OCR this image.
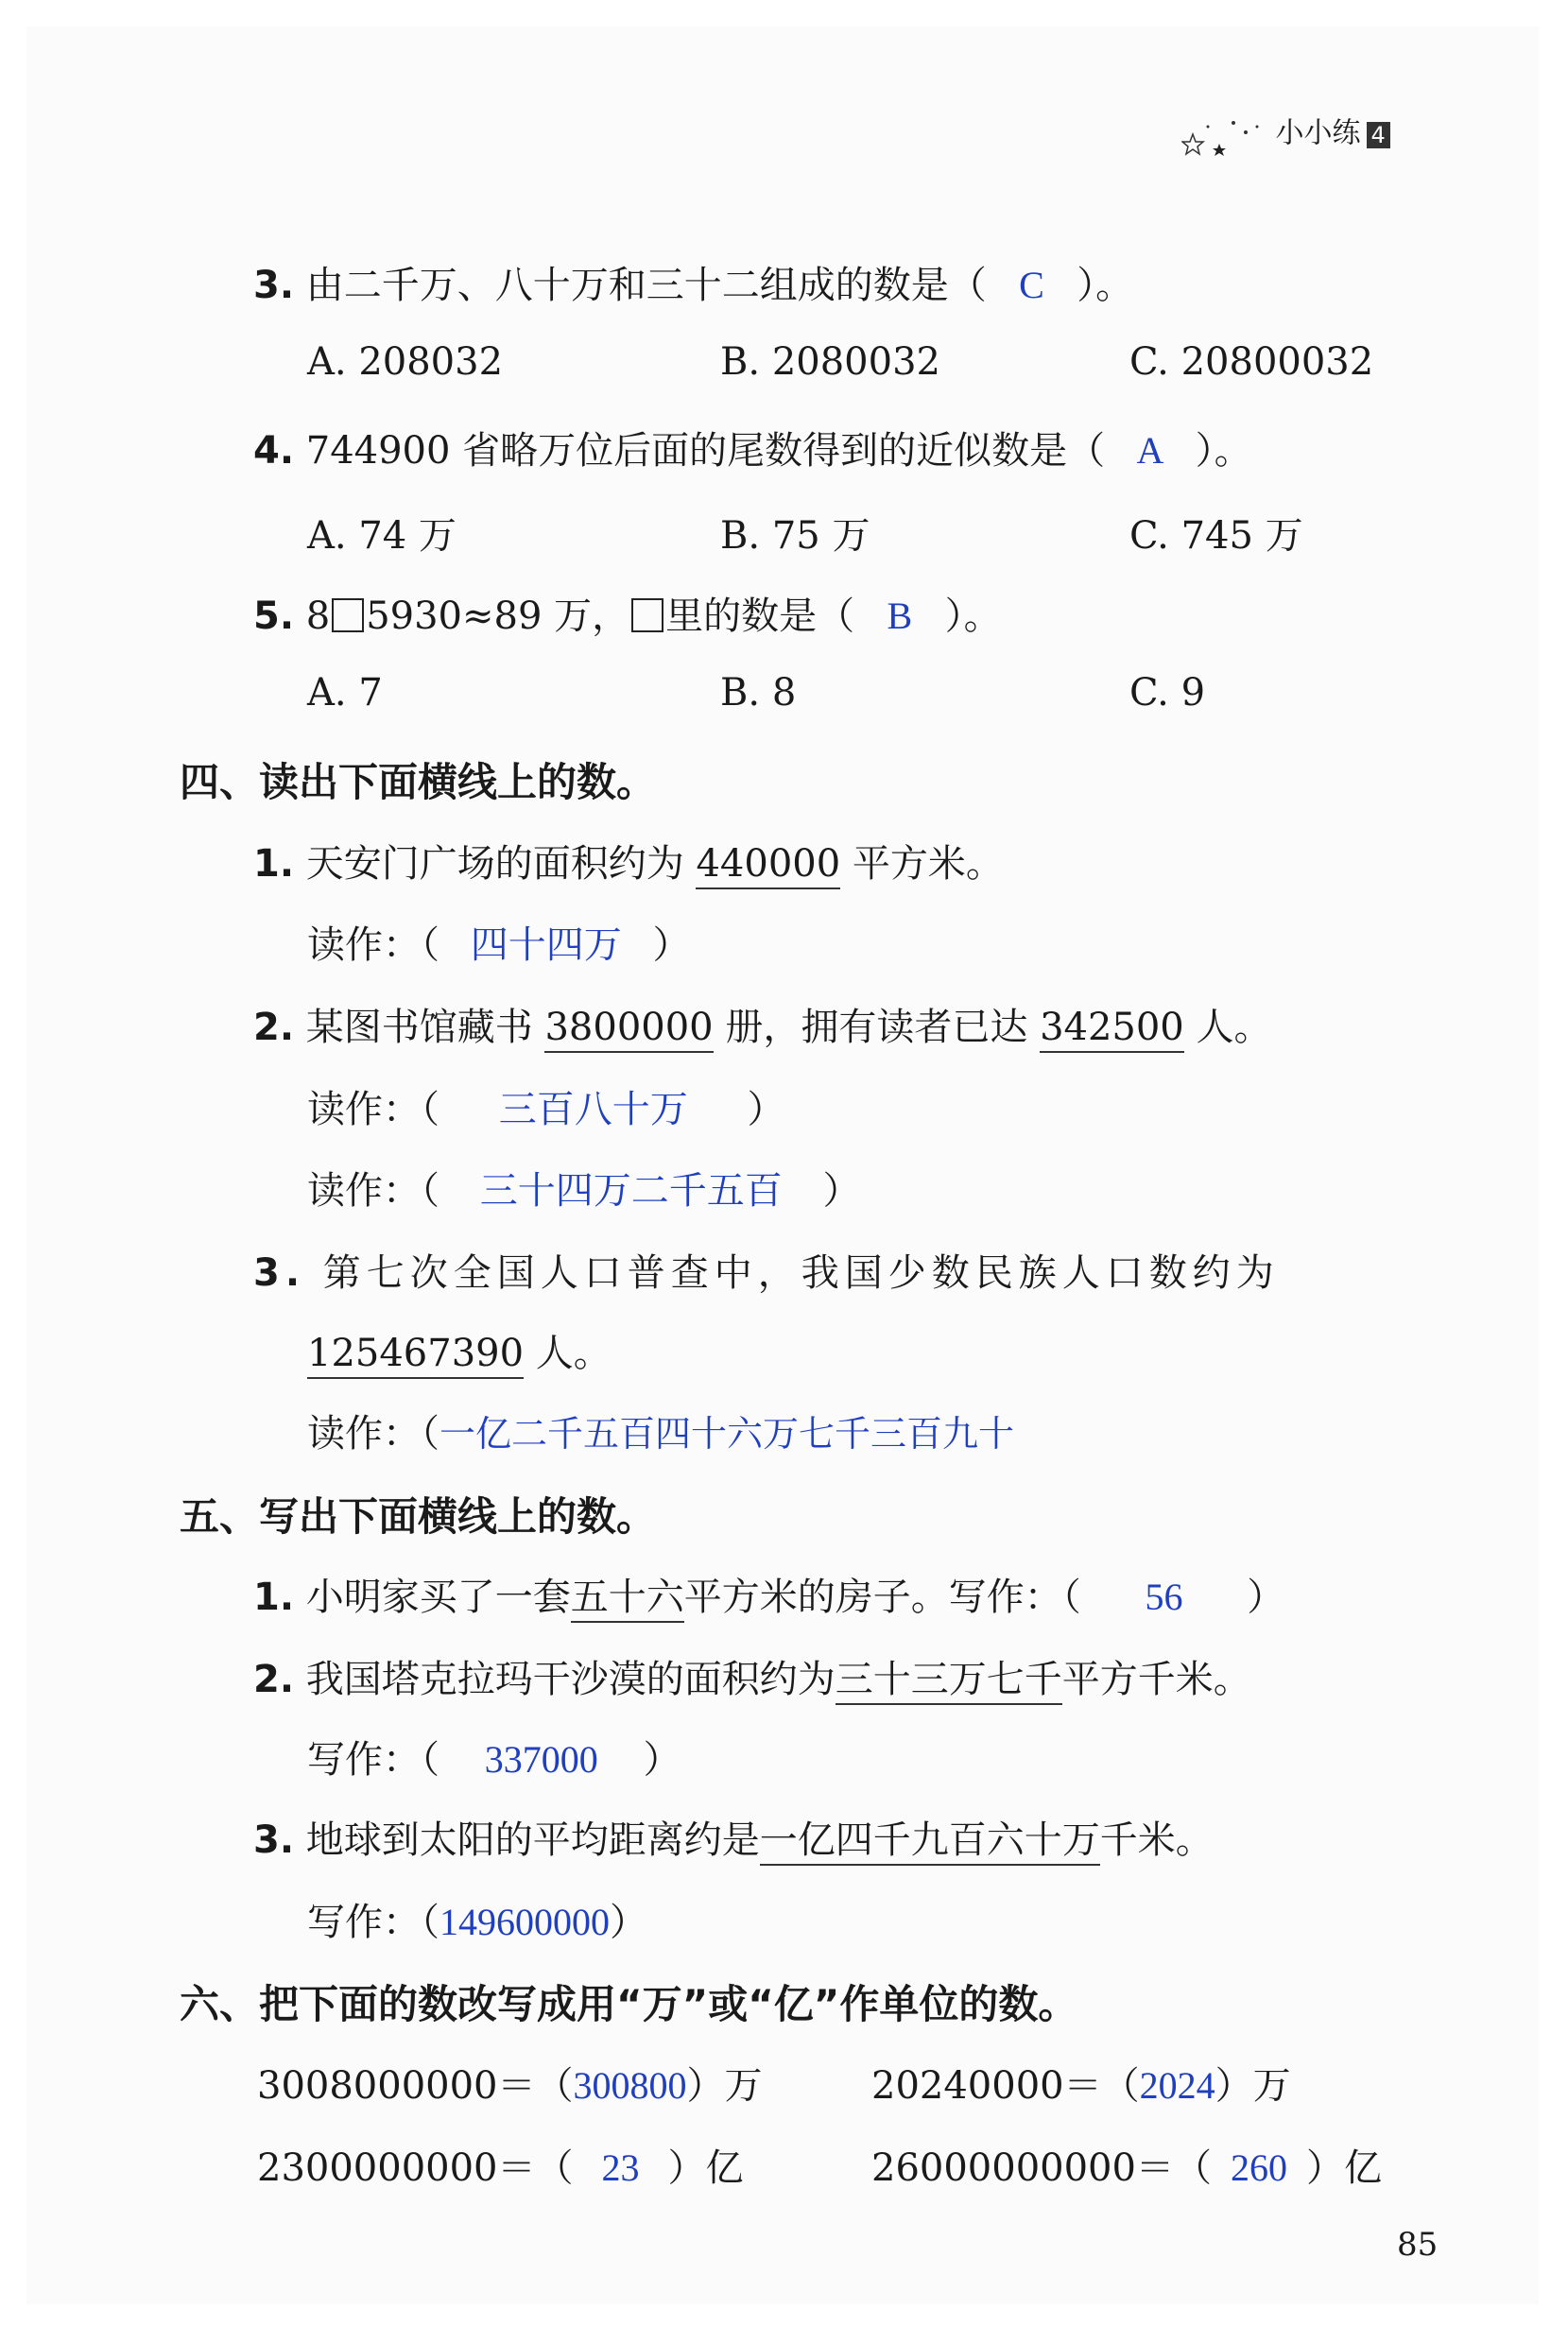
小小练 4
3. 由二千万、八十万和三十二组成的数是（ C ）。
A. 208032	B. 2080032	C. 20800032
4. 744900 省略万位后面的尾数得到的近似数是（ A ）。
A. 74 万	B. 75 万	C. 745 万
5. 8 5930≈89 万， 里的数是（ B ）。
A. 7	B. 8	C. 9
四、读出下面横线上的数。
1. 天安门广场的面积约为 440000 平方米。
读作：（ 四十四万 ）
2. 某图书馆藏书 3800000 册，拥有读者已达 342500 人。
读作：（ 三百八十万 ）
读作：（ 三十四万二千五百 ）
3. 第七次全国人口普查中，我国少数民族人口数约为
125467390 人。
读作：（一亿二千五百四十六万七千三百九十
五、写出下面横线上的数。
1. 小明家买了一套五十六平方米的房子。写作：（ 56 ）
2. 我国塔克拉玛干沙漠的面积约为三十三万七千平方千米。
写作：（ 337000 ）
3. 地球到太阳的平均距离约是一亿四千九百六十万千米。
写作：（149600000）
六、把下面的数改写成用“万”或“亿”作单位的数。
3008000000＝（300800）万	20240000＝（2024）万
2300000000＝（ 23 ）亿	26000000000＝（ 260 ）亿
85
